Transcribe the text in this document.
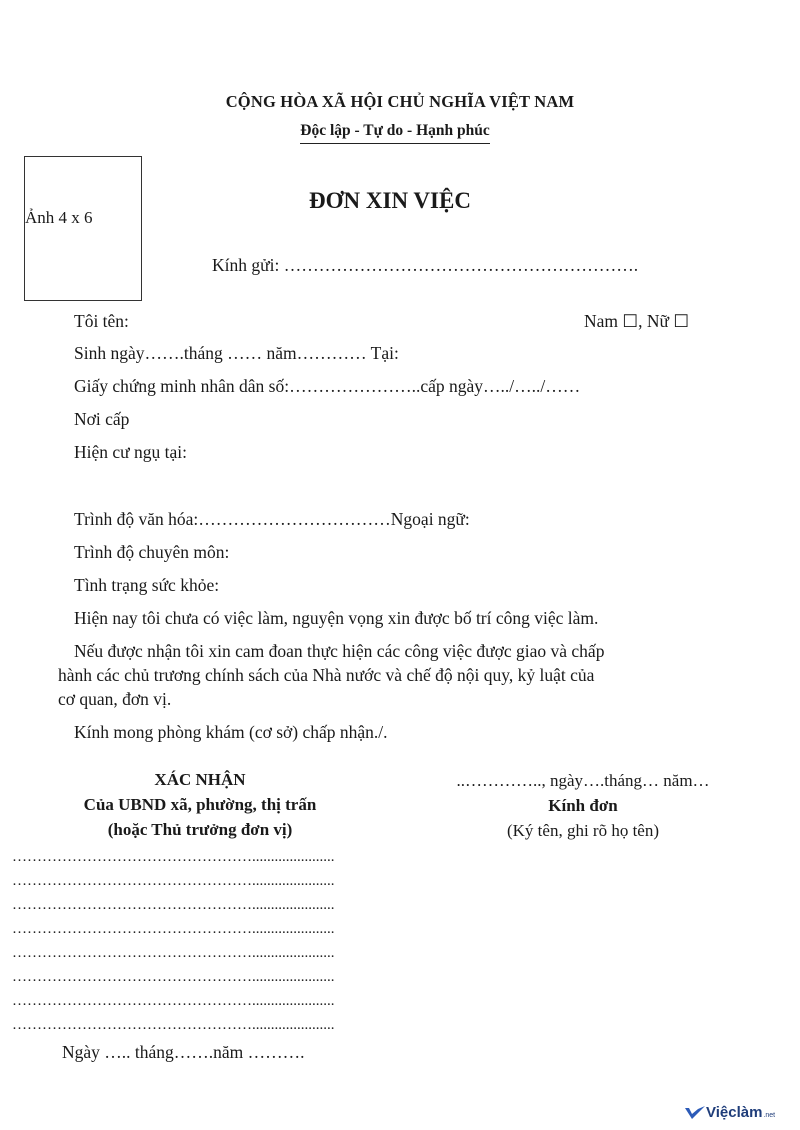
CỘNG HÒA XÃ HỘI CHỦ NGHĨA VIỆT NAM
Độc lập - Tự do - Hạnh phúc
Ảnh 4 x 6
ĐƠN XIN VIỆC
Kính gửi: …………………………………………………….
Tôi tên:	Nam ☐, Nữ ☐
Sinh ngày…….tháng …… năm………… Tại:
Giấy chứng minh nhân dân số:…………………..cấp ngày…../…../……
Nơi cấp
Hiện cư ngụ tại:
Trình độ văn hóa:……………………………Ngoại ngữ:
Trình độ chuyên môn:
Tình trạng sức khỏe:
Hiện nay tôi chưa có việc làm, nguyện vọng xin được bố trí công việc làm.
Nếu được nhận tôi xin cam đoan thực hiện các công việc được giao và chấp
hành các chủ trương chính sách của Nhà nước và chế độ nội quy, kỷ luật của
cơ quan, đơn vị.
Kính mong phòng khám (cơ sở) chấp nhận./.
XÁC NHẬN
Của UBND xã, phường, thị trấn
(hoặc Thủ trưởng đơn vị)
…………………………………………......................
…………………………………………......................
…………………………………………......................
…………………………………………......................
…………………………………………......................
…………………………………………......................
…………………………………………......................
…………………………………………......................
Ngày ….. tháng…….năm ……….
..………….., ngày….tháng… năm…
Kính đơn
(Ký tên, ghi rõ họ tên)
Việclàm .net
